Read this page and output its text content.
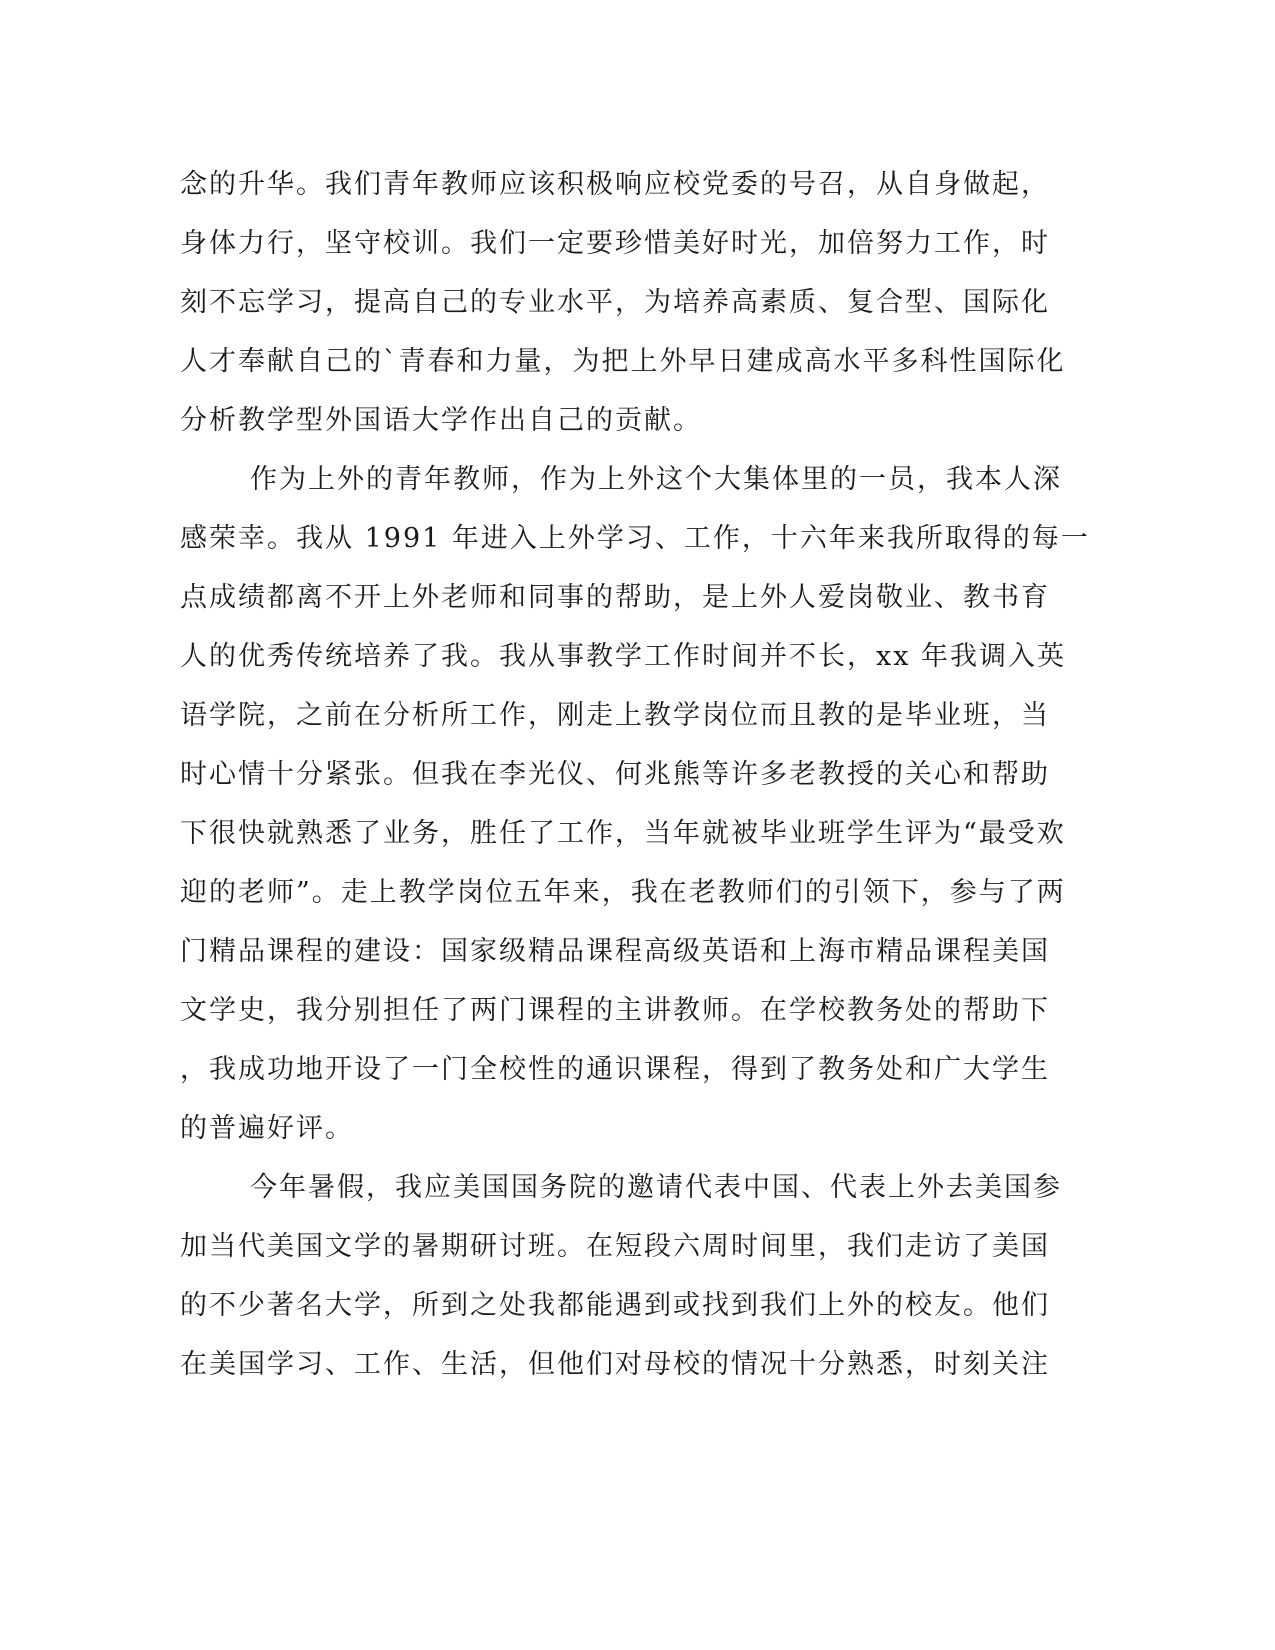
念的升华。我们青年教师应该积极响应校党委的号召，从自身做起，
身体力行，坚守校训。我们一定要珍惜美好时光，加倍努力工作，时
刻不忘学习，提高自己的专业水平，为培养高素质、复合型、国际化
人才奉献自己的`青春和力量，为把上外早日建成高水平多科性国际化
分析教学型外国语大学作出自己的贡献。
作为上外的青年教师，作为上外这个大集体里的一员，我本人深
感荣幸。我从 1991 年进入上外学习、工作，十六年来我所取得的每一
点成绩都离不开上外老师和同事的帮助，是上外人爱岗敬业、教书育
人的优秀传统培养了我。我从事教学工作时间并不长，xx 年我调入英
语学院，之前在分析所工作，刚走上教学岗位而且教的是毕业班，当
时心情十分紧张。但我在李光仪、何兆熊等许多老教授的关心和帮助
下很快就熟悉了业务，胜任了工作，当年就被毕业班学生评为“最受欢
迎的老师”。走上教学岗位五年来，我在老教师们的引领下，参与了两
门精品课程的建设：国家级精品课程高级英语和上海市精品课程美国
文学史，我分别担任了两门课程的主讲教师。在学校教务处的帮助下
，我成功地开设了一门全校性的通识课程，得到了教务处和广大学生
的普遍好评。
今年暑假，我应美国国务院的邀请代表中国、代表上外去美国参
加当代美国文学的暑期研讨班。在短段六周时间里，我们走访了美国
的不少著名大学，所到之处我都能遇到或找到我们上外的校友。他们
在美国学习、工作、生活，但他们对母校的情况十分熟悉，时刻关注
